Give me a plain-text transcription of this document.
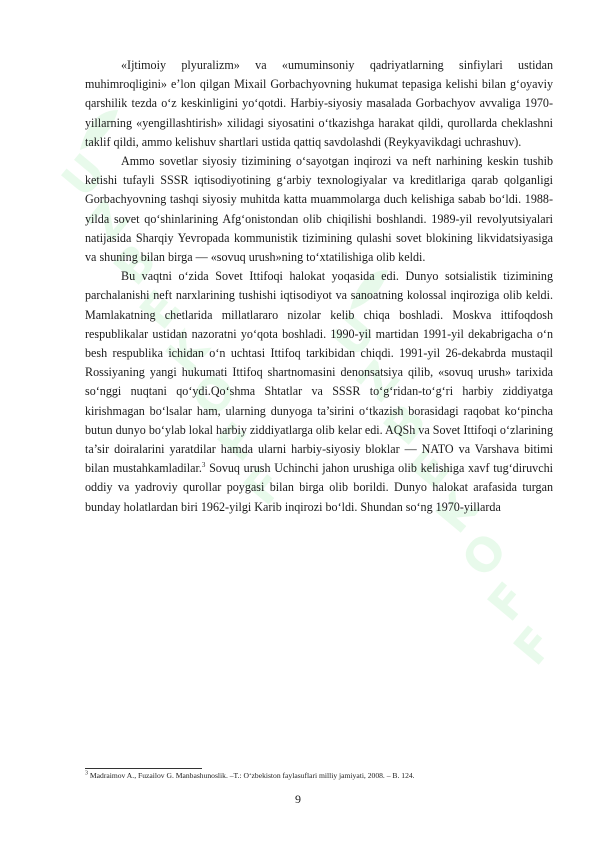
U
Z
B
E
K
O
F
F
U
Z
B
E
K
O
F
F

«Ijtimoiy plyuralizm» va «umuminsoniy qadriyatlarning sinfiylari ustidan muhimroqligini» e’lon qilgan Mixail Gorbachyovning hukumat tepasiga kelishi bilan g‘oyaviy qarshilik tezda o‘z keskinligini yo‘qotdi. Harbiy-siyosiy masalada Gorbachyov avvaliga 1970-yillarning «yengillashtirish» xilidagi siyosatini o‘tkazishga harakat qildi, qurollarda cheklashni taklif qildi, ammo kelishuv shartlari ustida qattiq savdolashdi (Reykyavikdagi uchrashuv).

Ammo sovetlar siyosiy tizimining o‘sayotgan inqirozi va neft narhining keskin tushib ketishi tufayli SSSR iqtisodiyotining g‘arbiy texnologiyalar va kreditlariga qarab qolganligi Gorbachyovning tashqi siyosiy muhitda katta muammolarga duch kelishiga sabab bo‘ldi. 1988-yilda sovet qo‘shinlarining Afg‘onistondan olib chiqilishi boshlandi. 1989-yil revolyutsiyalari natijasida Sharqiy Yevropada kommunistik tizimining qulashi sovet blokining likvidatsiyasiga va shuning bilan birga — «sovuq urush»ning to‘xtatilishiga olib keldi.

Bu vaqtni o‘zida Sovet Ittifoqi halokat yoqasida edi. Dunyo sotsialistik tizimining parchalanishi neft narxlarining tushishi iqtisodiyot va sanoatning kolossal inqiroziga olib keldi. Mamlakatning chetlarida millatlararo nizolar kelib chiqa boshladi. Moskva ittifoqdosh respublikalar ustidan nazoratni yo‘qota boshladi. 1990-yil martidan 1991-yil dekabrigacha o‘n besh respublika ichidan o‘n uchtasi Ittifoq tarkibidan chiqdi. 1991-yil 26-dekabrda mustaqil Rossiyaning yangi hukumati Ittifoq shartnomasini denonsatsiya qilib, «sovuq urush» tarixida so‘nggi nuqtani qo‘ydi.Qo‘shma Shtatlar va SSSR to‘g‘ridan-to‘g‘ri harbiy ziddiyatga kirishmagan bo‘lsalar ham, ularning dunyoga ta’sirini o‘tkazish borasidagi raqobat ko‘pincha butun dunyo bo‘ylab lokal harbiy ziddiyatlarga olib kelar edi. AQSh va Sovet Ittifoqi o‘zlarining ta’sir doiralarini yaratdilar hamda ularni harbiy-siyosiy bloklar — NATO va Varshava bitimi bilan mustahkamladilar.$^3$ Sovuq urush Uchinchi jahon urushiga olib kelishiga xavf tug‘diruvchi oddiy va yadroviy qurollar poygasi bilan birga olib borildi. Dunyo halokat arafasida turgan bunday holatlardan biri 1962-yilgi Karib inqirozi bo‘ldi. Shundan so‘ng 1970-yillarda

$^3$ Madraimov A., Fuzailov G. Manbashunoslik. –T.: O‘zbekiston faylasuflari milliy jamiyati, 2008. – B. 124.
9
